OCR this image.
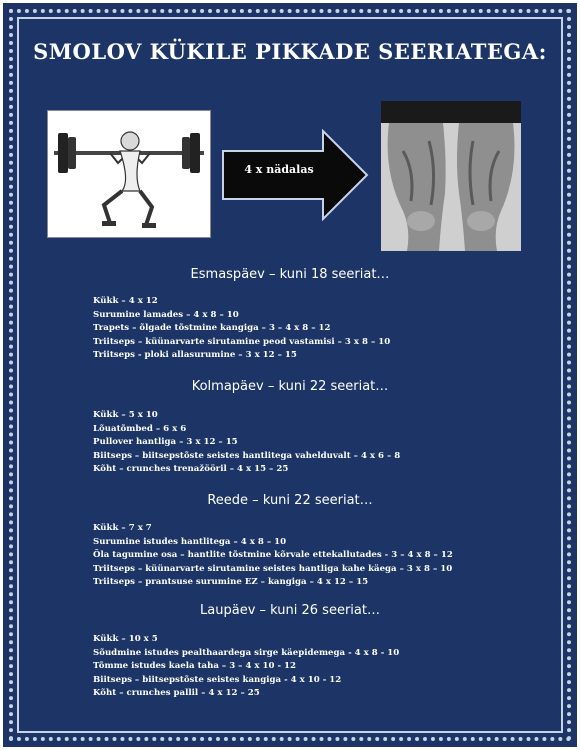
SMOLOV KÜKILE PIKKADE SEERIATEGA:
4 x nädalas
Esmaspäev – kuni 18 seeriat…
Kükk – 4 x 12
Surumine lamades – 4 x 8 – 10
Trapets – õlgade tõstmine kangiga – 3 – 4 x 8 – 12
Triitseps – küünarvarte sirutamine peod vastamisi – 3 x 8 – 10
Triitseps - ploki allasurumine – 3 x 12 – 15
Kolmapäev – kuni 22 seeriat…
Kükk – 5 x 10
Lõuatõmbed – 6 x 6
Pullover hantliga – 3 x 12 – 15
Biitseps – biitsepstõste seistes hantlitega vahelduvalt – 4 x 6 – 8
Kõht – crunches trenažööril – 4 x 15 – 25
Reede – kuni 22 seeriat…
Kükk – 7 x 7
Surumine istudes hantlitega – 4 x 8 – 10
Õla tagumine osa – hantlite tõstmine kõrvale ettekallutades - 3 – 4 x 8 – 12
Triitseps – küünarvarte sirutamine seistes hantliga kahe käega – 3 x 8 – 10
Triitseps – prantsuse surumine EZ – kangiga – 4 x 12 – 15
Laupäev – kuni 26 seeriat…
Kükk – 10 x 5
Sõudmine istudes pealthaardega sirge käepidemega - 4 x 8 - 10
Tõmme istudes kaela taha – 3 – 4 x 10 - 12
Biitseps – biitsepstõste seistes kangiga - 4 x 10 - 12
Kõht – crunches pallil – 4 x 12 – 25
